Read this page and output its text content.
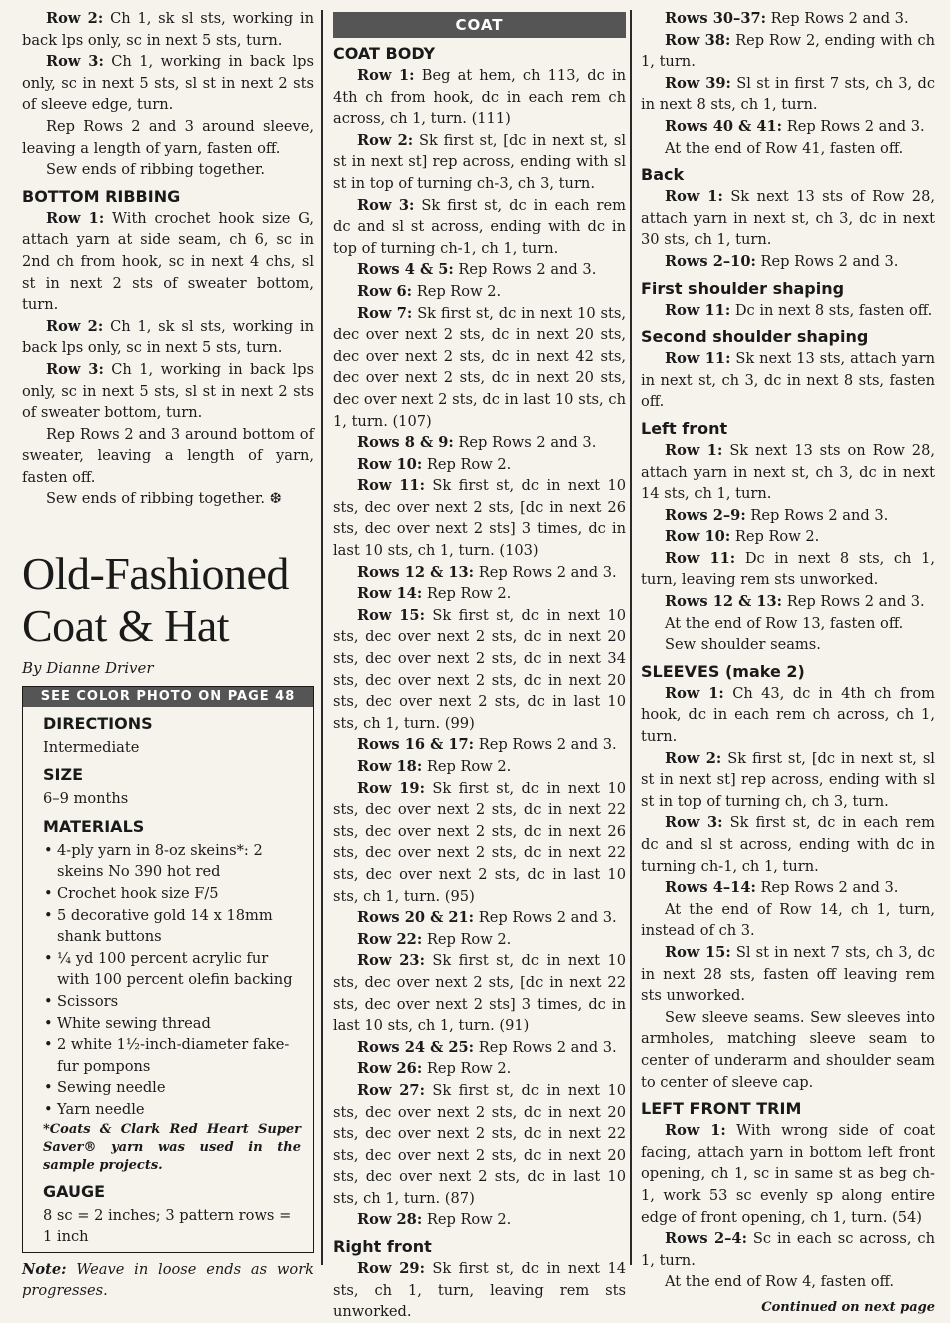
Row 2: Ch 1, sk sl sts, working in back lps only, sc in next 5 sts, turn.

Row 3: Ch 1, working in back lps only, sc in next 5 sts, sl st in next 2 sts of sleeve edge, turn.

Rep Rows 2 and 3 around sleeve, leaving a length of yarn, fasten off.

Sew ends of ribbing together.

BOTTOM RIBBING

Row 1: With crochet hook size G, attach yarn at side seam, ch 6, sc in 2nd ch from hook, sc in next 4 chs, sl st in next 2 sts of sweater bottom, turn.

Row 2: Ch 1, sk sl sts, working in back lps only, sc in next 5 sts, turn.

Row 3: Ch 1, working in back lps only, sc in next 5 sts, sl st in next 2 sts of sweater bottom, turn.

Rep Rows 2 and 3 around bottom of sweater, leaving a length of yarn, fasten off.

Sew ends of ribbing together. ❆

Old-Fashioned
Coat & Hat
By Dianne Driver
SEE COLOR PHOTO ON PAGE 48
DIRECTIONS

Intermediate

SIZE

6–9 months

MATERIALS
• 4-ply yarn in 8-oz skeins*: 2 skeins No 390 hot red
• Crochet hook size F/5
• 5 decorative gold 14 x 18mm shank buttons
• ¼ yd 100 percent acrylic fur with 100 percent olefin backing
• Scissors
• White sewing thread
• 2 white 1½-inch-diameter fake-fur pompons
• Sewing needle
• Yarn needle

*Coats & Clark Red Heart Super Saver® yarn was used in the sample projects.

GAUGE

8 sc = 2 inches; 3 pattern rows = 1 inch

Note: Weave in loose ends as work progresses.

COAT
COAT BODY

Row 1: Beg at hem, ch 113, dc in 4th ch from hook, dc in each rem ch across, ch 1, turn. (111)

Row 2: Sk first st, [dc in next st, sl st in next st] rep across, ending with sl st in top of turning ch-3, ch 3, turn.

Row 3: Sk first st, dc in each rem dc and sl st across, ending with dc in top of turning ch-1, ch 1, turn.

Rows 4 & 5: Rep Rows 2 and 3.

Row 6: Rep Row 2.

Row 7: Sk first st, dc in next 10 sts, dec over next 2 sts, dc in next 20 sts, dec over next 2 sts, dc in next 42 sts, dec over next 2 sts, dc in next 20 sts, dec over next 2 sts, dc in last 10 sts, ch 1, turn. (107)

Rows 8 & 9: Rep Rows 2 and 3.

Row 10: Rep Row 2.

Row 11: Sk first st, dc in next 10 sts, dec over next 2 sts, [dc in next 26 sts, dec over next 2 sts] 3 times, dc in last 10 sts, ch 1, turn. (103)

Rows 12 & 13: Rep Rows 2 and 3.

Row 14: Rep Row 2.

Row 15: Sk first st, dc in next 10 sts, dec over next 2 sts, dc in next 20 sts, dec over next 2 sts, dc in next 34 sts, dec over next 2 sts, dc in next 20 sts, dec over next 2 sts, dc in last 10 sts, ch 1, turn. (99)

Rows 16 & 17: Rep Rows 2 and 3.

Row 18: Rep Row 2.

Row 19: Sk first st, dc in next 10 sts, dec over next 2 sts, dc in next 22 sts, dec over next 2 sts, dc in next 26 sts, dec over next 2 sts, dc in next 22 sts, dec over next 2 sts, dc in last 10 sts, ch 1, turn. (95)

Rows 20 & 21: Rep Rows 2 and 3.

Row 22: Rep Row 2.

Row 23: Sk first st, dc in next 10 sts, dec over next 2 sts, [dc in next 22 sts, dec over next 2 sts] 3 times, dc in last 10 sts, ch 1, turn. (91)

Rows 24 & 25: Rep Rows 2 and 3.

Row 26: Rep Row 2.

Row 27: Sk first st, dc in next 10 sts, dec over next 2 sts, dc in next 20 sts, dec over next 2 sts, dc in next 22 sts, dec over next 2 sts, dc in next 20 sts, dec over next 2 sts, dc in last 10 sts, ch 1, turn. (87)

Row 28: Rep Row 2.

Right front

Row 29: Sk first st, dc in next 14 sts, ch 1, turn, leaving rem sts unworked.

Rows 30–37: Rep Rows 2 and 3.

Row 38: Rep Row 2, ending with ch 1, turn.

Row 39: Sl st in first 7 sts, ch 3, dc in next 8 sts, ch 1, turn.

Rows 40 & 41: Rep Rows 2 and 3.

At the end of Row 41, fasten off.

Back

Row 1: Sk next 13 sts of Row 28, attach yarn in next st, ch 3, dc in next 30 sts, ch 1, turn.

Rows 2–10: Rep Rows 2 and 3.

First shoulder shaping

Row 11: Dc in next 8 sts, fasten off.

Second shoulder shaping

Row 11: Sk next 13 sts, attach yarn in next st, ch 3, dc in next 8 sts, fasten off.

Left front

Row 1: Sk next 13 sts on Row 28, attach yarn in next st, ch 3, dc in next 14 sts, ch 1, turn.

Rows 2–9: Rep Rows 2 and 3.

Row 10: Rep Row 2.

Row 11: Dc in next 8 sts, ch 1, turn, leaving rem sts unworked.

Rows 12 & 13: Rep Rows 2 and 3.

At the end of Row 13, fasten off.

Sew shoulder seams.

SLEEVES (make 2)

Row 1: Ch 43, dc in 4th ch from hook, dc in each rem ch across, ch 1, turn.

Row 2: Sk first st, [dc in next st, sl st in next st] rep across, ending with sl st in top of turning ch, ch 3, turn.

Row 3: Sk first st, dc in each rem dc and sl st across, ending with dc in turning ch-1, ch 1, turn.

Rows 4–14: Rep Rows 2 and 3.

At the end of Row 14, ch 1, turn, instead of ch 3.

Row 15: Sl st in next 7 sts, ch 3, dc in next 28 sts, fasten off leaving rem sts unworked.

Sew sleeve seams. Sew sleeves into armholes, matching sleeve seam to center of underarm and shoulder seam to center of sleeve cap.

LEFT FRONT TRIM

Row 1: With wrong side of coat facing, attach yarn in bottom left front opening, ch 1, sc in same st as beg ch-1, work 53 sc evenly sp along entire edge of front opening, ch 1, turn. (54)

Rows 2–4: Sc in each sc across, ch 1, turn.

At the end of Row 4, fasten off.

Continued on next page
